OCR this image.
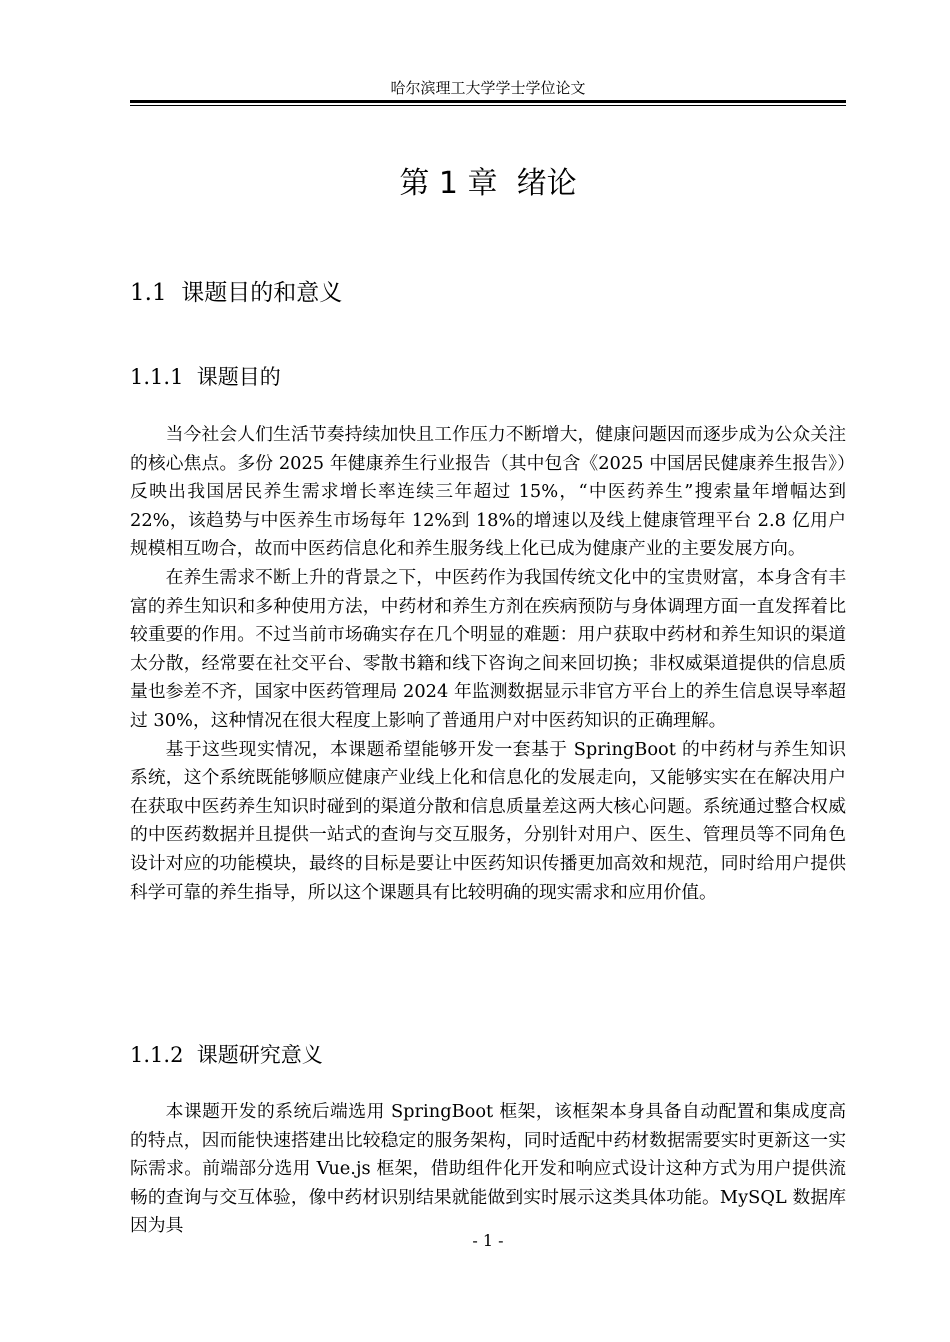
哈尔滨理工大学学士学位论文
第 1 章 绪论
1.1 课题目的和意义
1.1.1 课题目的

当今社会人们生活节奏持续加快且工作压力不断增大，健康问题因而逐步成为公众关注的核心焦点。多份 2025 年健康养生行业报告（其中包含《2025 中国居民健康养生报告》）反映出我国居民养生需求增长率连续三年超过 15%，“中医药养生”搜索量年增幅达到 22%，该趋势与中医养生市场每年 12%到 18%的增速以及线上健康管理平台 2.8 亿用户规模相互吻合，故而中医药信息化和养生服务线上化已成为健康产业的主要发展方向。

在养生需求不断上升的背景之下，中医药作为我国传统文化中的宝贵财富，本身含有丰富的养生知识和多种使用方法，中药材和养生方剂在疾病预防与身体调理方面一直发挥着比较重要的作用。不过当前市场确实存在几个明显的难题：用户获取中药材和养生知识的渠道太分散，经常要在社交平台、零散书籍和线下咨询之间来回切换；非权威渠道提供的信息质量也参差不齐，国家中医药管理局 2024 年监测数据显示非官方平台上的养生信息误导率超过 30%，这种情况在很大程度上影响了普通用户对中医药知识的正确理解。

基于这些现实情况，本课题希望能够开发一套基于 SpringBoot 的中药材与养生知识系统，这个系统既能够顺应健康产业线上化和信息化的发展走向，又能够实实在在解决用户在获取中医药养生知识时碰到的渠道分散和信息质量差这两大核心问题。系统通过整合权威的中医药数据并且提供一站式的查询与交互服务，分别针对用户、医生、管理员等不同角色设计对应的功能模块，最终的目标是要让中医药知识传播更加高效和规范，同时给用户提供科学可靠的养生指导，所以这个课题具有比较明确的现实需求和应用价值。

1.1.2 课题研究意义

本课题开发的系统后端选用 SpringBoot 框架，该框架本身具备自动配置和集成度高的特点，因而能快速搭建出比较稳定的服务架构，同时适配中药材数据需要实时更新这一实际需求。前端部分选用 Vue.js 框架，借助组件化开发和响应式设计这种方式为用户提供流畅的查询与交互体验，像中药材识别结果就能做到实时展示这类具体功能。MySQL 数据库因为具

- 1 -
